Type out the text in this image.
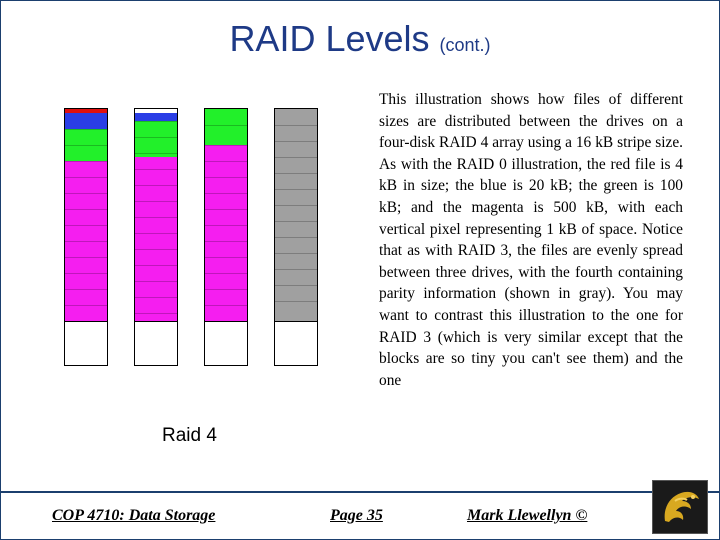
RAID Levels (cont.)
Raid 4
This illustration shows how files of different sizes are distributed between the drives on a four-disk RAID 4 array using a 16 kB stripe size. As with the RAID 0 illustration, the red file is 4 kB in size; the blue is 20 kB; the green is 100 kB; and the magenta is 500 kB, with each vertical pixel representing 1 kB of space. Notice that as with RAID 3, the files are evenly spread between three drives, with the fourth containing parity information (shown in gray). You may want to contrast this illustration to the one for RAID 3 (which is very similar except that the blocks are so tiny you can't see them) and the one
COP 4710: Data Storage	Page 35	Mark Llewellyn ©
